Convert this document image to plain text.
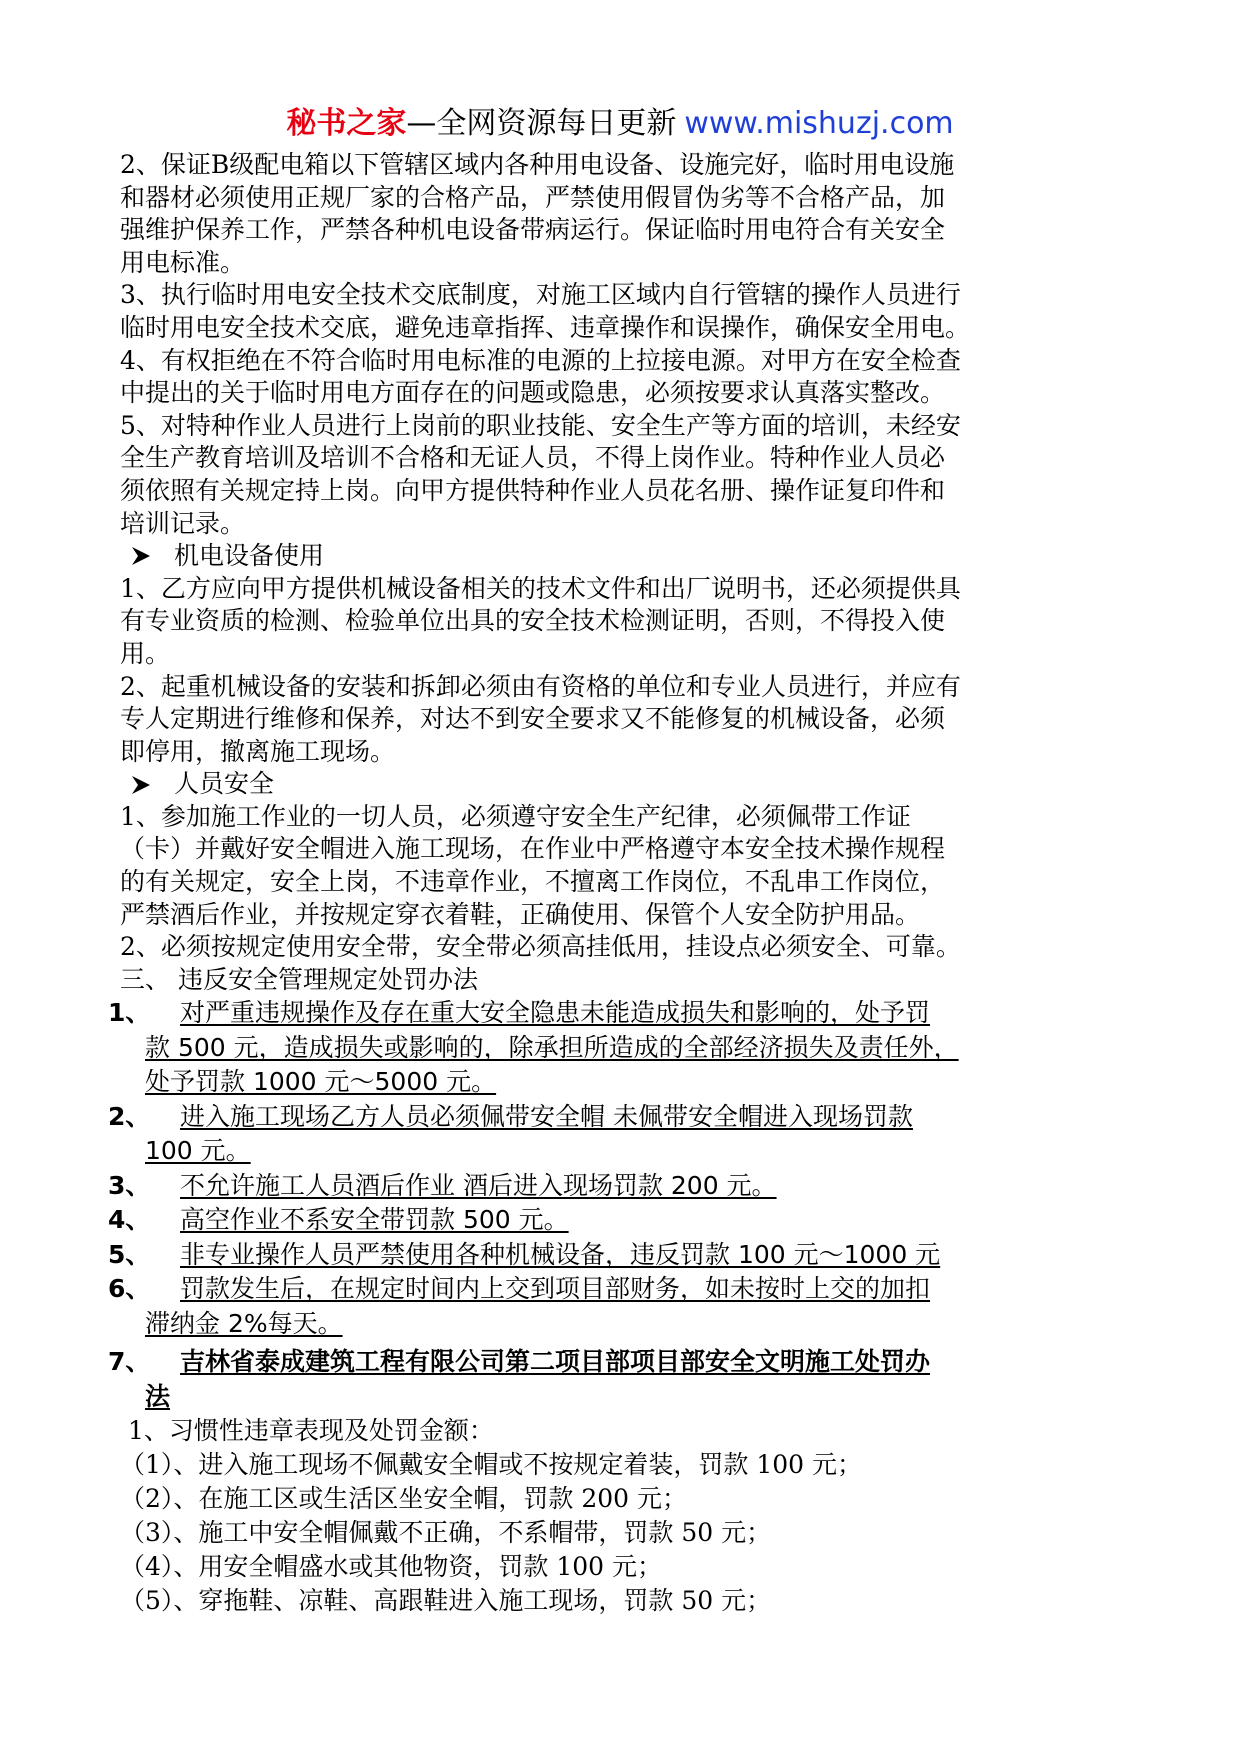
秘书之家—全网资源每日更新 www.mishuzj.com
2、保证B级配电箱以下管辖区域内各种用电设备、设施完好，临时用电设施
和器材必须使用正规厂家的合格产品，严禁使用假冒伪劣等不合格产品，加
强维护保养工作，严禁各种机电设备带病运行。保证临时用电符合有关安全
用电标准。
3、执行临时用电安全技术交底制度，对施工区域内自行管辖的操作人员进行
临时用电安全技术交底，避免违章指挥、违章操作和误操作，确保安全用电。
4、有权拒绝在不符合临时用电标准的电源的上拉接电源。对甲方在安全检查
中提出的关于临时用电方面存在的问题或隐患，必须按要求认真落实整改。
5、对特种作业人员进行上岗前的职业技能、安全生产等方面的培训，未经安
全生产教育培训及培训不合格和无证人员，不得上岗作业。特种作业人员必
须依照有关规定持上岗。向甲方提供特种作业人员花名册、操作证复印件和
培训记录。
机电设备使用
1、乙方应向甲方提供机械设备相关的技术文件和出厂说明书，还必须提供具
有专业资质的检测、检验单位出具的安全技术检测证明，否则，不得投入使
用。
2、起重机械设备的安装和拆卸必须由有资格的单位和专业人员进行，并应有
专人定期进行维修和保养，对达不到安全要求又不能修复的机械设备，必须
即停用，撤离施工现场。
人员安全
1、参加施工作业的一切人员，必须遵守安全生产纪律，必须佩带工作证
（卡）并戴好安全帽进入施工现场，在作业中严格遵守本安全技术操作规程
的有关规定，安全上岗，不违章作业，不擅离工作岗位，不乱串工作岗位，
严禁酒后作业，并按规定穿衣着鞋，正确使用、保管个人安全防护用品。
2、必须按规定使用安全带，安全带必须高挂低用，挂设点必须安全、可靠。
三、 违反安全管理规定处罚办法
1、 对严重违规操作及存在重大安全隐患未能造成损失和影响的，处予罚
款 500 元，造成损失或影响的，除承担所造成的全部经济损失及责任外，
处予罚款 1000 元～5000 元。
2、 进入施工现场乙方人员必须佩带安全帽 未佩带安全帽进入现场罚款
100 元。
3、 不允许施工人员酒后作业 酒后进入现场罚款 200 元。
4、 高空作业不系安全带罚款 500 元。
5、 非专业操作人员严禁使用各种机械设备，违反罚款 100 元～1000 元
6、 罚款发生后，在规定时间内上交到项目部财务，如未按时上交的加扣
滞纳金 2%每天。
7、 吉林省泰成建筑工程有限公司第二项目部项目部安全文明施工处罚办
法
1、习惯性违章表现及处罚金额：
（1）、进入施工现场不佩戴安全帽或不按规定着装，罚款 100 元；
（2）、在施工区或生活区坐安全帽，罚款 200 元；
（3）、施工中安全帽佩戴不正确，不系帽带，罚款 50 元；
（4）、用安全帽盛水或其他物资，罚款 100 元；
（5）、穿拖鞋、凉鞋、高跟鞋进入施工现场，罚款 50 元；
